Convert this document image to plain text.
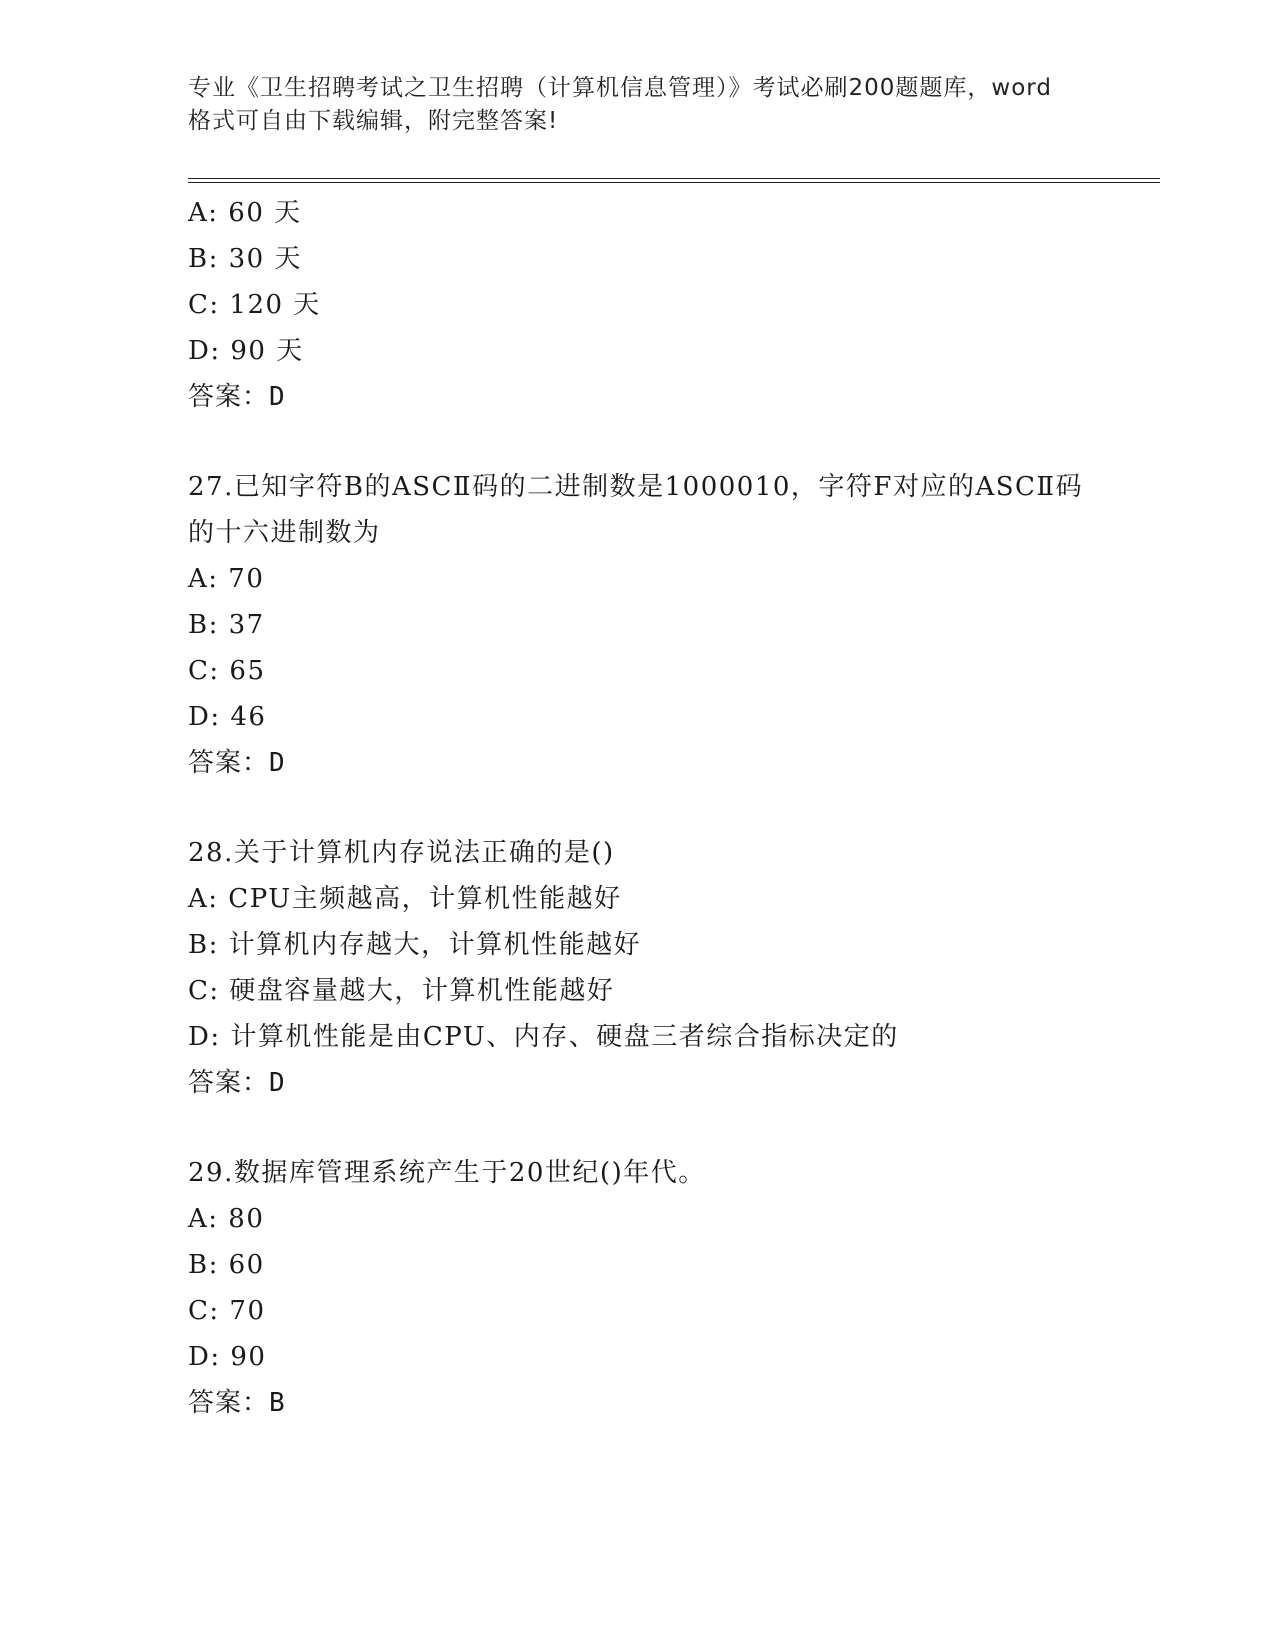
专业《卫生招聘考试之卫生招聘（计算机信息管理）》考试必刷200题题库，word
格式可自由下载编辑，附完整答案!
A: 60 天
B: 30 天
C: 120 天
D: 90 天
答案：D
27.已知字符B的ASCⅡ码的二进制数是1000010，字符F对应的ASCⅡ码的十六进制数为
A: 70
B: 37
C: 65
D: 46
答案：D
28.关于计算机内存说法正确的是()
A: CPU主频越高，计算机性能越好
B: 计算机内存越大，计算机性能越好
C: 硬盘容量越大，计算机性能越好
D: 计算机性能是由CPU、内存、硬盘三者综合指标决定的
答案：D
29.数据库管理系统产生于20世纪()年代。
A: 80
B: 60
C: 70
D: 90
答案：B
